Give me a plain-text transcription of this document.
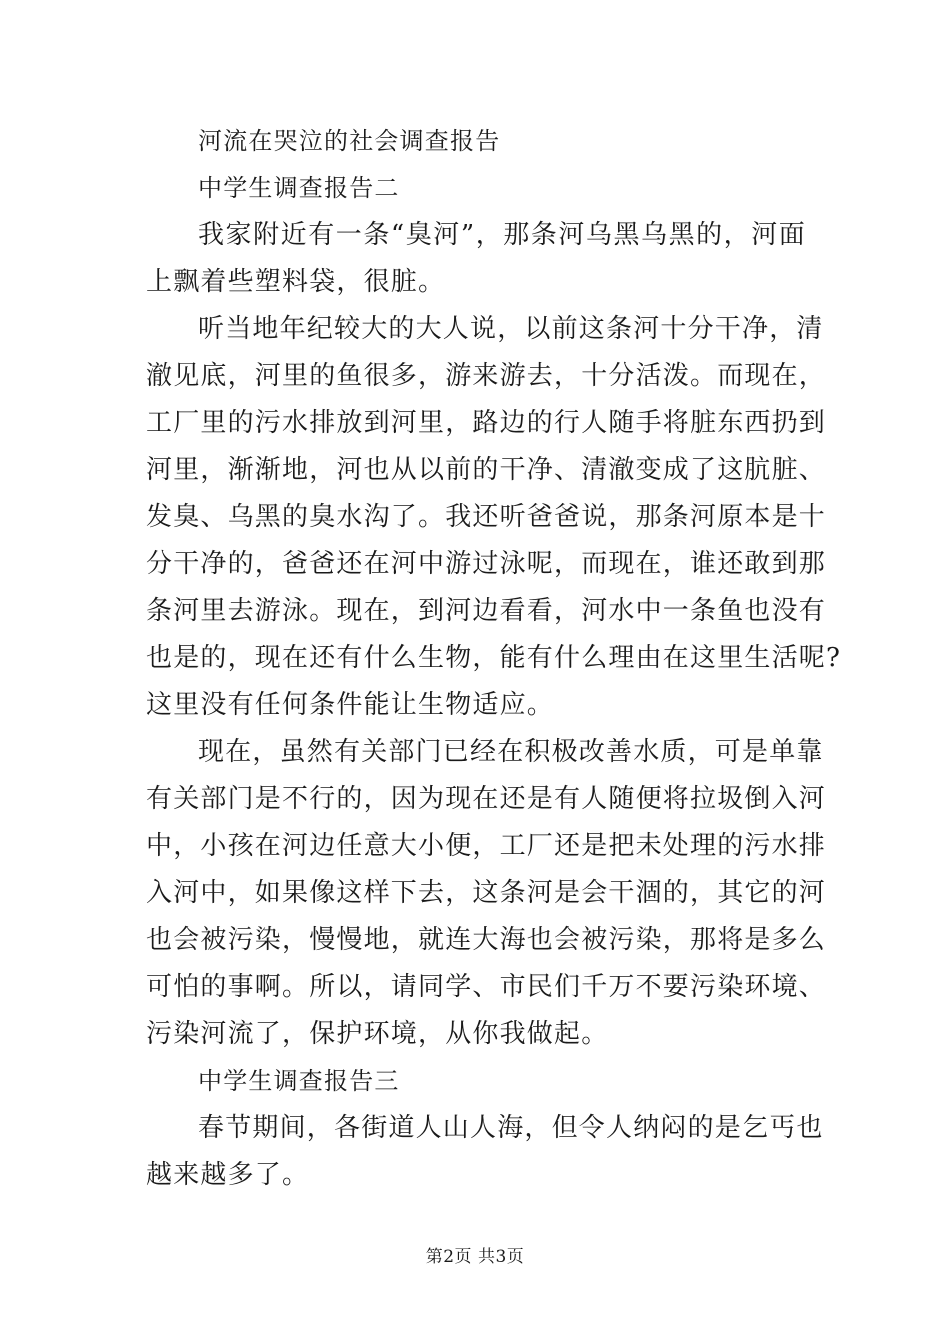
河流在哭泣的社会调查报告
中学生调查报告二
我家附近有一条“臭河”，那条河乌黑乌黑的，河面
上飘着些塑料袋，很脏。
听当地年纪较大的大人说，以前这条河十分干净，清
澈见底，河里的鱼很多，游来游去，十分活泼。而现在，
工厂里的污水排放到河里，路边的行人随手将脏东西扔到
河里，渐渐地，河也从以前的干净、清澈变成了这肮脏、
发臭、乌黑的臭水沟了。我还听爸爸说，那条河原本是十
分干净的，爸爸还在河中游过泳呢，而现在，谁还敢到那
条河里去游泳。现在，到河边看看，河水中一条鱼也没有
也是的，现在还有什么生物，能有什么理由在这里生活呢?
这里没有任何条件能让生物适应。
现在，虽然有关部门已经在积极改善水质，可是单靠
有关部门是不行的，因为现在还是有人随便将拉圾倒入河
中，小孩在河边任意大小便，工厂还是把未处理的污水排
入河中，如果像这样下去，这条河是会干涸的，其它的河
也会被污染，慢慢地，就连大海也会被污染，那将是多么
可怕的事啊。所以，请同学、市民们千万不要污染环境、
污染河流了，保护环境，从你我做起。
中学生调查报告三
春节期间，各街道人山人海，但令人纳闷的是乞丐也
越来越多了。
第2页 共3页
